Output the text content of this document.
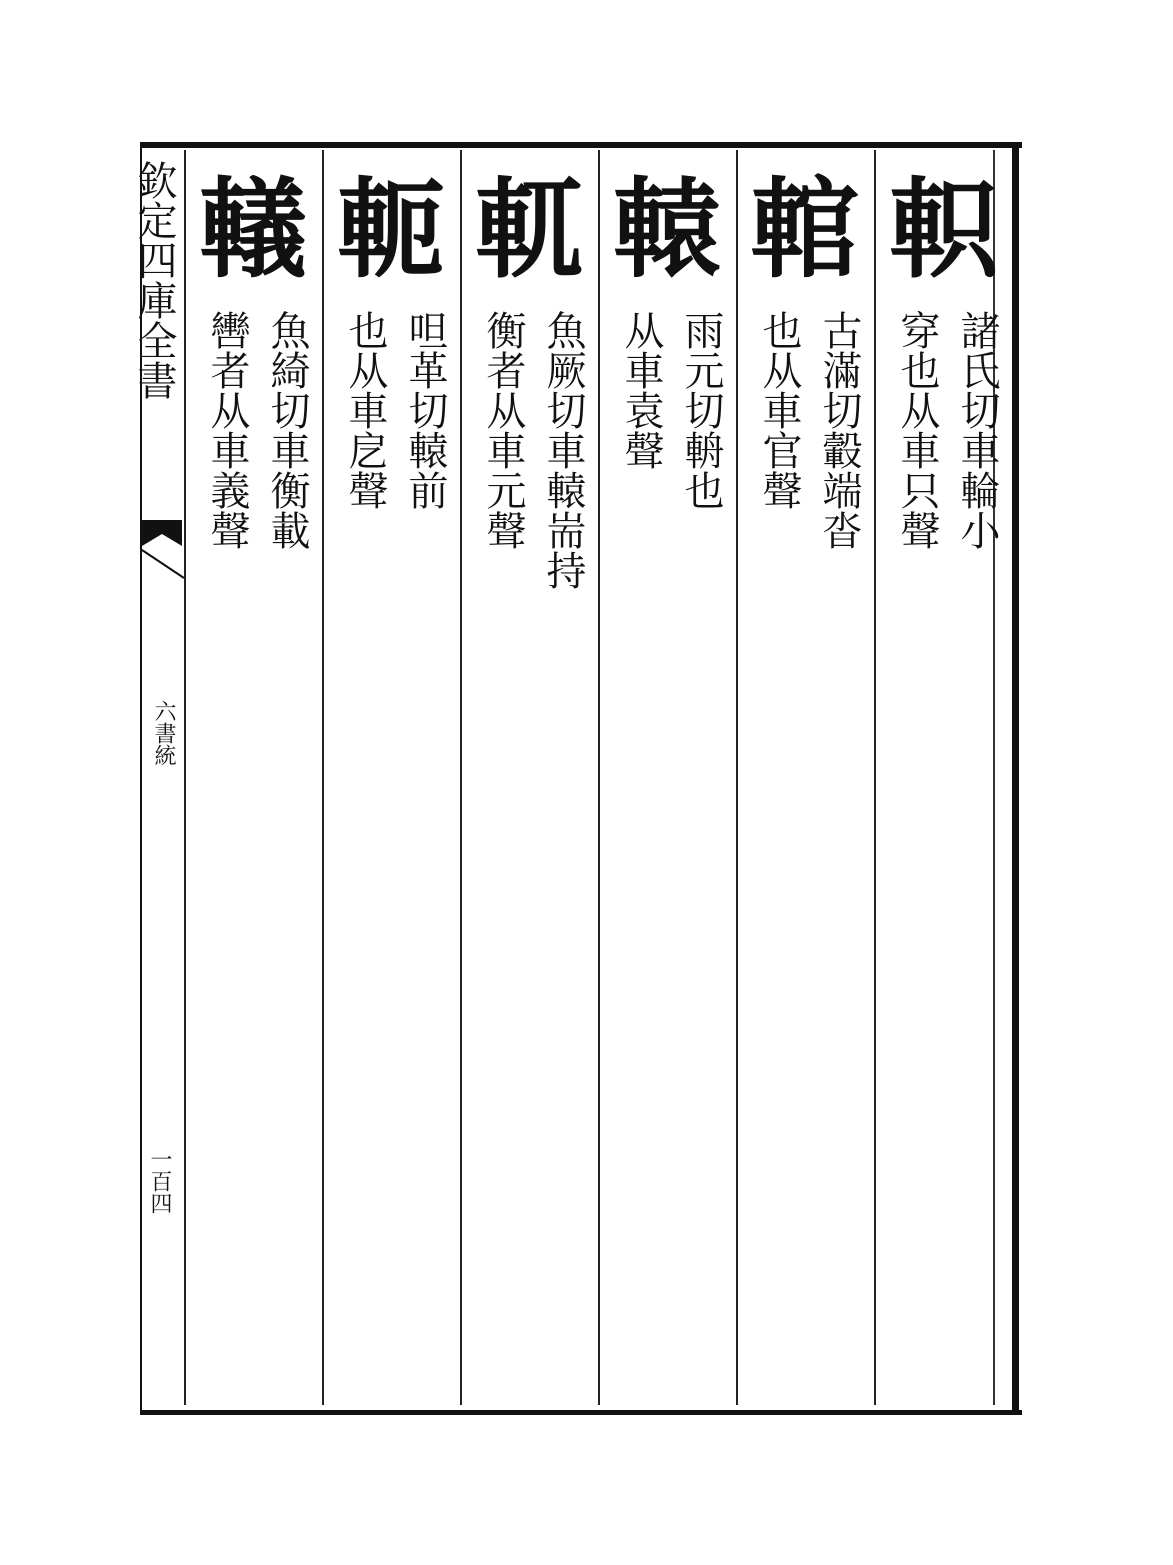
欽定四庫全書
六書統
一百四
軹
諸氏切車輪小
穿也从車只聲
輨
古滿切轂端沓
也从車官聲
轅
雨元切輈也
从車袁聲
軏
魚厥切車轅耑持
衡者从車元聲
軛
呾革切轅前
也从車戹聲
轙
魚綺切車衡載
轡者从車義聲
